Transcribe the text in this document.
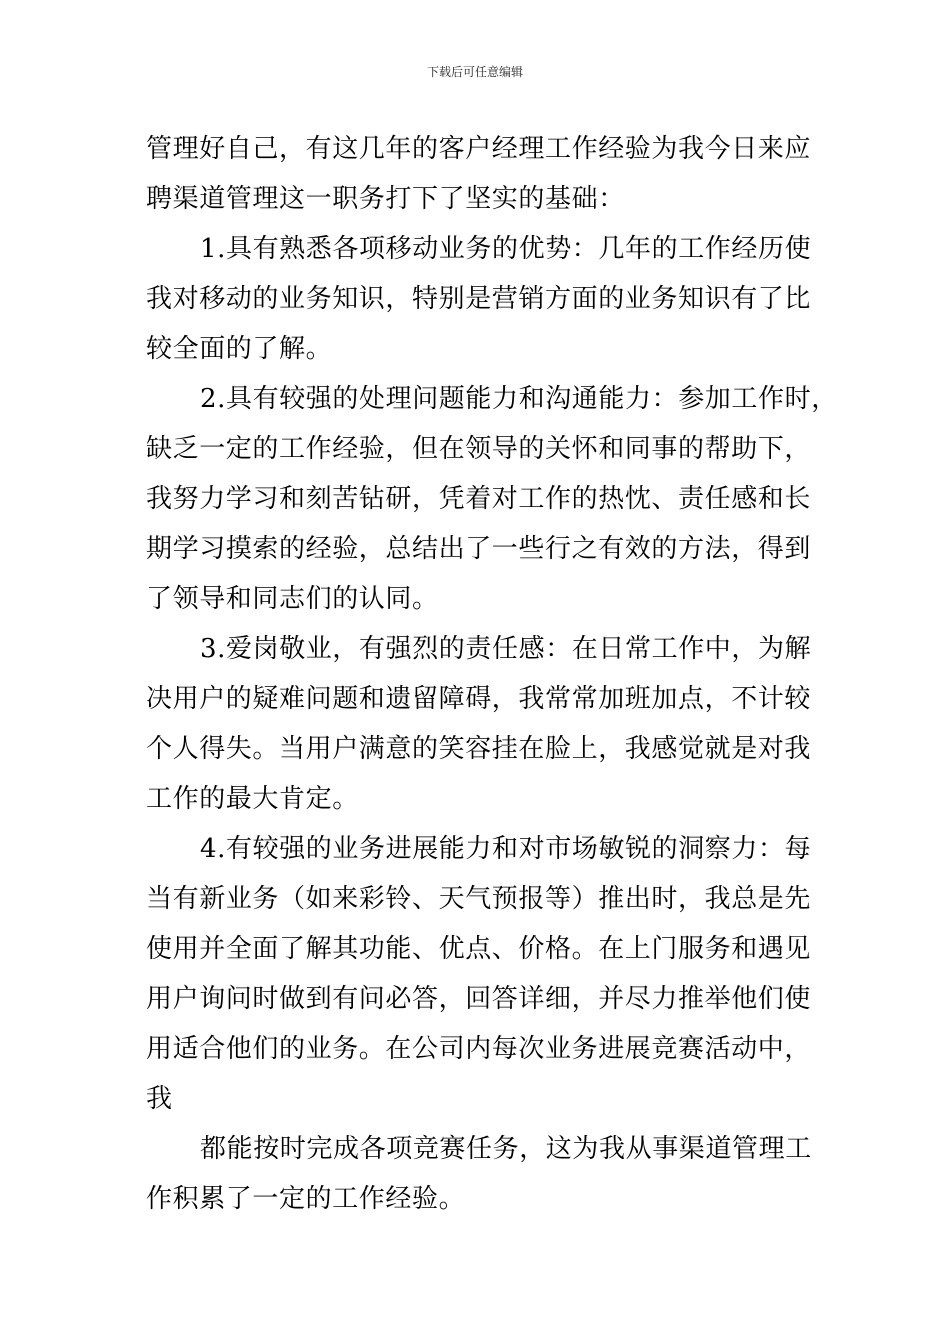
下载后可任意编辑

管理好自己，有这几年的客户经理工作经验为我今日来应
聘渠道管理这一职务打下了坚实的基础：

1.具有熟悉各项移动业务的优势：几年的工作经历使
我对移动的业务知识，特别是营销方面的业务知识有了比
较全面的了解。

2.具有较强的处理问题能力和沟通能力：参加工作时，
缺乏一定的工作经验，但在领导的关怀和同事的帮助下，
我努力学习和刻苦钻研，凭着对工作的热忱、责任感和长
期学习摸索的经验，总结出了一些行之有效的方法，得到
了领导和同志们的认同。

3.爱岗敬业，有强烈的责任感：在日常工作中，为解
决用户的疑难问题和遗留障碍，我常常加班加点，不计较
个人得失。当用户满意的笑容挂在脸上，我感觉就是对我
工作的最大肯定。

4.有较强的业务进展能力和对市场敏锐的洞察力：每
当有新业务（如来彩铃、天气预报等）推出时，我总是先
使用并全面了解其功能、优点、价格。在上门服务和遇见
用户询问时做到有问必答，回答详细，并尽力推举他们使
用适合他们的业务。在公司内每次业务进展竞赛活动中，
我

都能按时完成各项竞赛任务，这为我从事渠道管理工
作积累了一定的工作经验。
